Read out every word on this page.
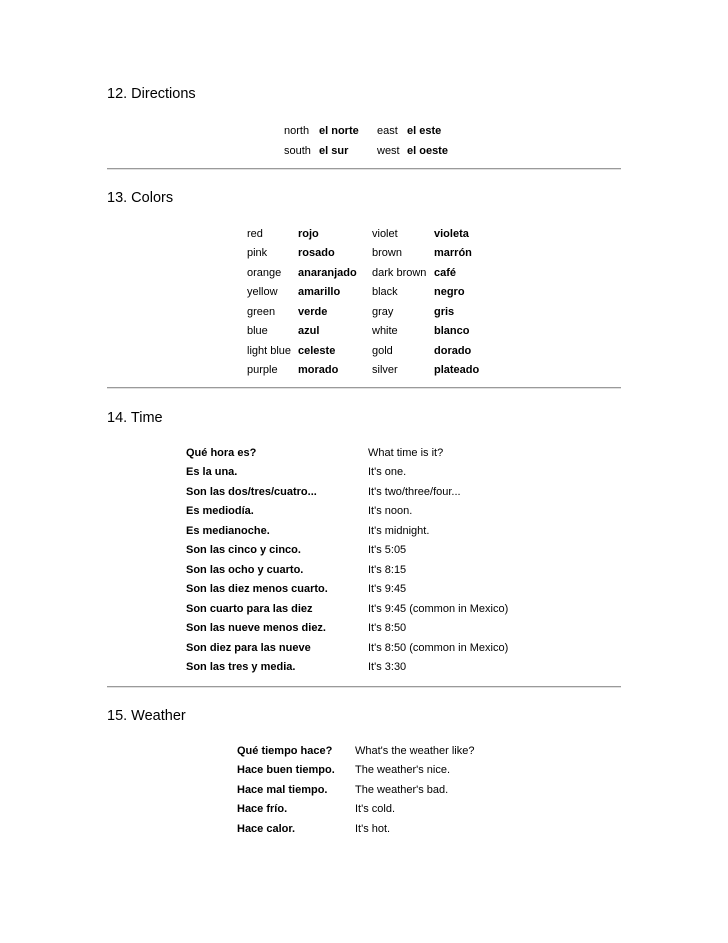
12. Directions
north	el norte	east	el este
south	el sur	west	el oeste
13. Colors
red	rojo	violet	violeta
pink	rosado	brown	marrón
orange	anaranjado	dark brown	café
yellow	amarillo	black	negro
green	verde	gray	gris
blue	azul	white	blanco
light blue	celeste	gold	dorado
purple	morado	silver	plateado
14. Time
Qué hora es?	What time is it?
Es la una.	It's one.
Son las dos/tres/cuatro...	It's two/three/four...
Es mediodía.	It's noon.
Es medianoche.	It's midnight.
Son las cinco y cinco.	It's 5:05
Son las ocho y cuarto.	It's 8:15
Son las diez menos cuarto.	It's 9:45
Son cuarto para las diez	It's 9:45 (common in Mexico)
Son las nueve menos diez.	It's 8:50
Son diez para las nueve	It's 8:50 (common in Mexico)
Son las tres y media.	It's 3:30
15. Weather
Qué tiempo hace?	What's the weather like?
Hace buen tiempo.	The weather's nice.
Hace mal tiempo.	The weather's bad.
Hace frío.	It's cold.
Hace calor.	It's hot.
